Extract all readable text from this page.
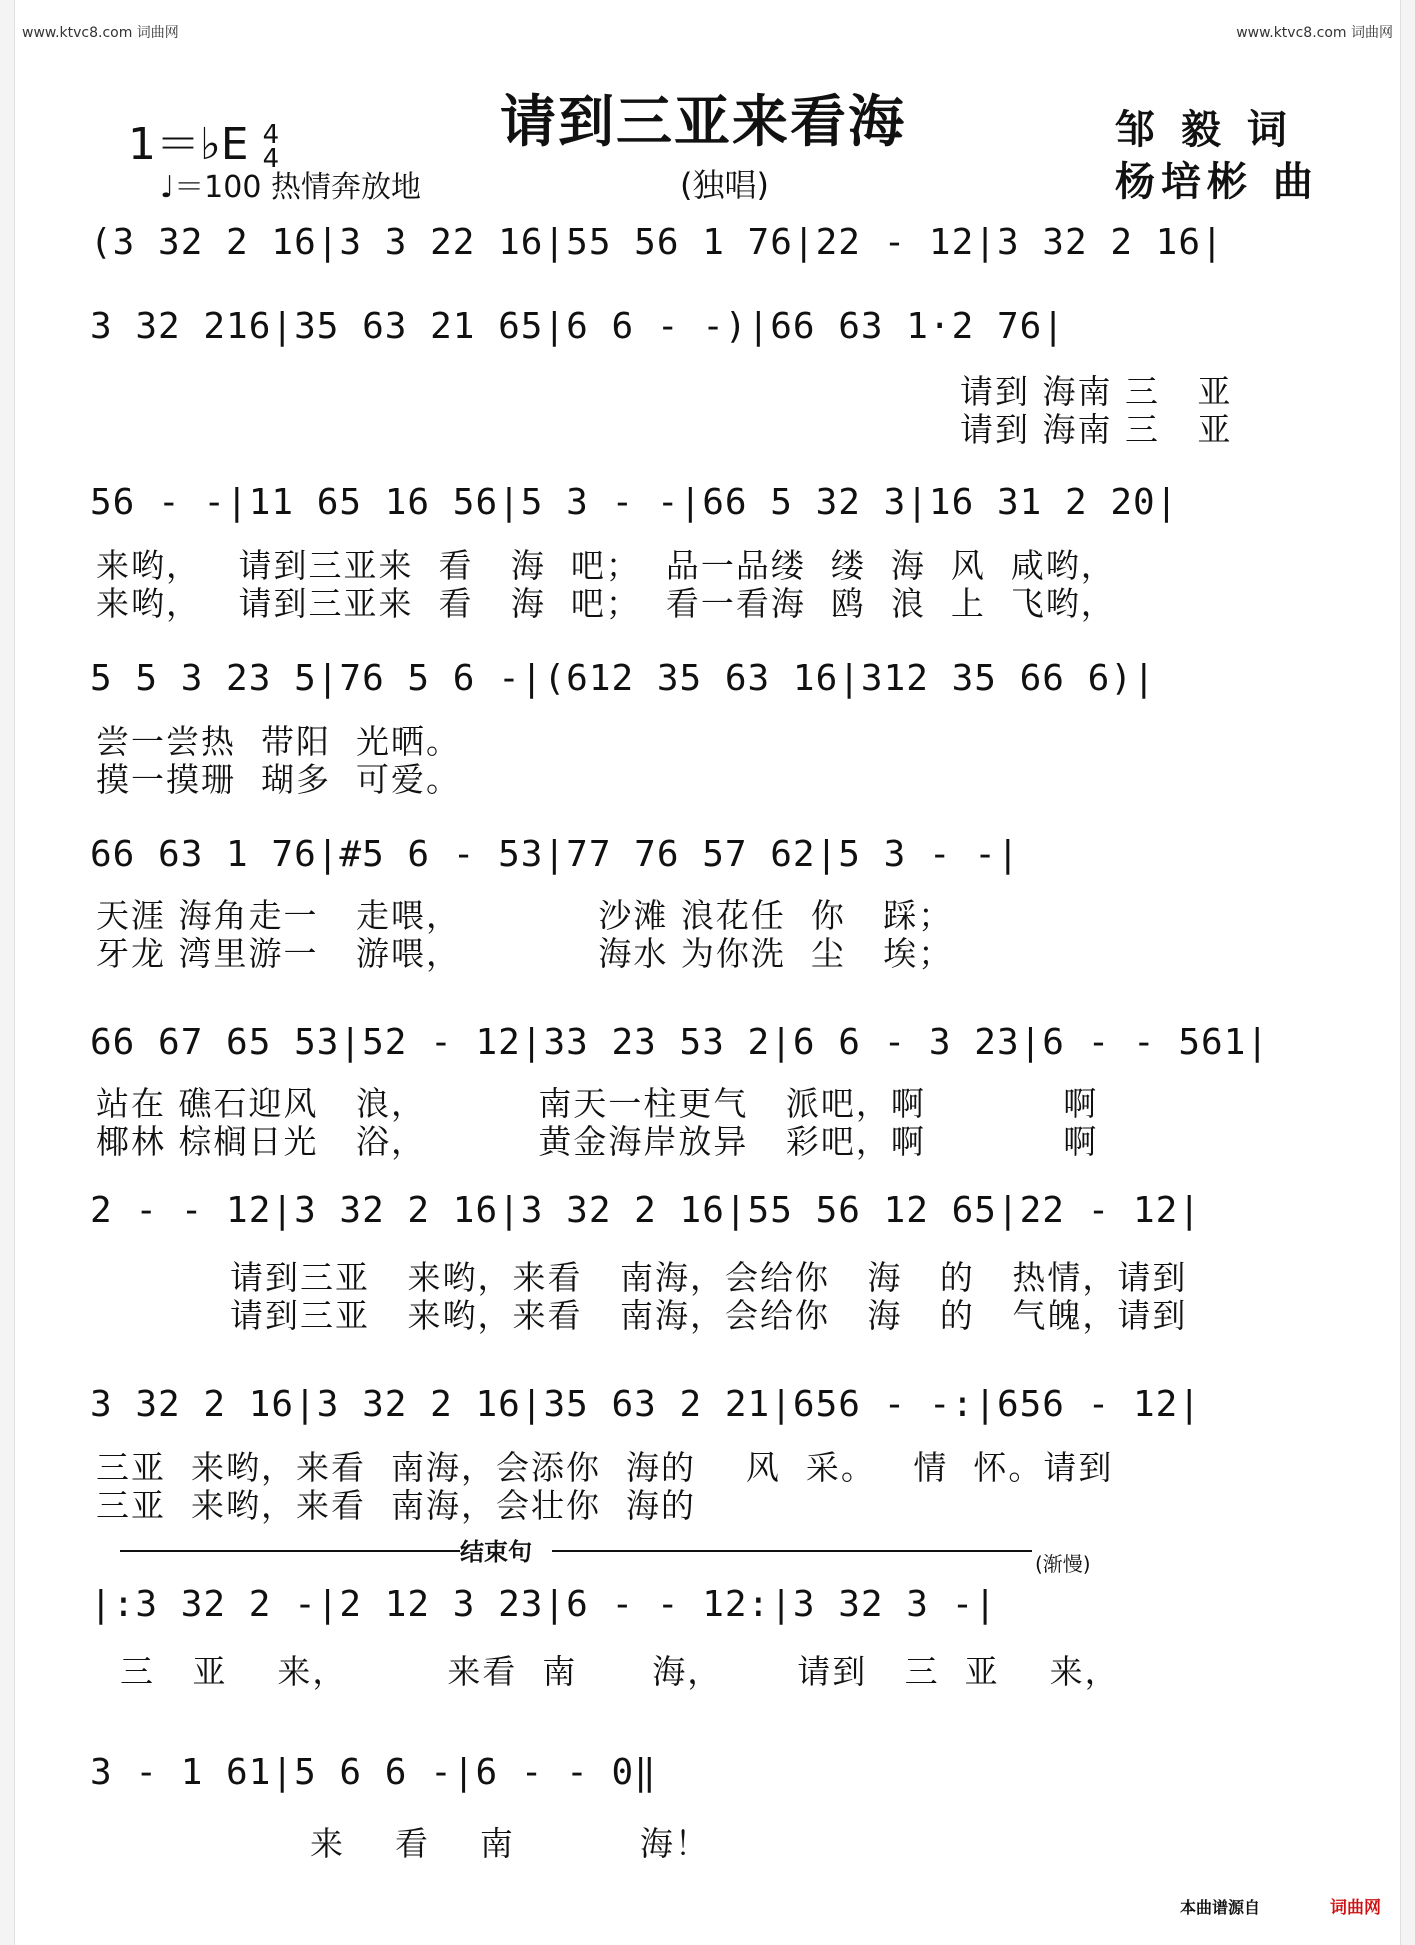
www.ktvc8.com 词曲网	www.ktvc8.com 词曲网
1＝♭E 4
4
♩＝100 热情奔放地
请到三亚来看海
(独唱)
邹 毅 词
杨培彬 曲
(3 32 2 16|3 3 22 16|55 56 1 76|22 - 12|3 32 2 16|
3 32 216|35 63 21 65|6 6 - -)|66 63 1·2 76|
请到 海南 三   亚
请到 海南 三   亚
56 - -|11 65 16 56|5 3 - -|66 5 32 3|16 31 2 20|
来哟，   请到三亚来  看   海  吧；  品一品缕  缕  海  风  咸哟，
来哟，   请到三亚来  看   海  吧；  看一看海  鸥  浪  上  飞哟，
5 5 3 23 5|76 5 6 -|(612 35 63 16|312 35 66 6)|
尝一尝热  带阳  光晒。
摸一摸珊  瑚多  可爱。
66 63 1 76|#5 6 - 53|77 76 57 62|5 3 - -|
天涯 海角走一   走喂，           沙滩 浪花任  你   踩；
牙龙 湾里游一   游喂，           海水 为你洗  尘   埃；
66 67 65 53|52 - 12|33 23 53 2|6 6 - 3 23|6 - - 561|
站在 礁石迎风   浪，         南天一柱更气   派吧，啊           啊
椰林 棕榈日光   浴，         黄金海岸放异   彩吧，啊           啊
2 - - 12|3 32 2 16|3 32 2 16|55 56 12 65|22 - 12|
请到三亚   来哟，来看   南海，会给你   海   的   热情，请到
请到三亚   来哟，来看   南海，会给你   海   的   气魄，请到
3 32 2 16|3 32 2 16|35 63 2 21|656 - -:|656 - 12|
三亚  来哟，来看  南海，会添你  海的    风  采。   情  怀。请到
三亚  来哟，来看  南海，会壮你  海的
结束句	(渐慢)
|:3 32 2 -|2 12 3 23|6 - - 12:|3 32 3 -|
三   亚    来，        来看  南      海，      请到   三  亚    来，
3 - 1 61|5 6 6 -|6 - - 0‖
来    看    南          海！
本曲谱源自	词曲网
